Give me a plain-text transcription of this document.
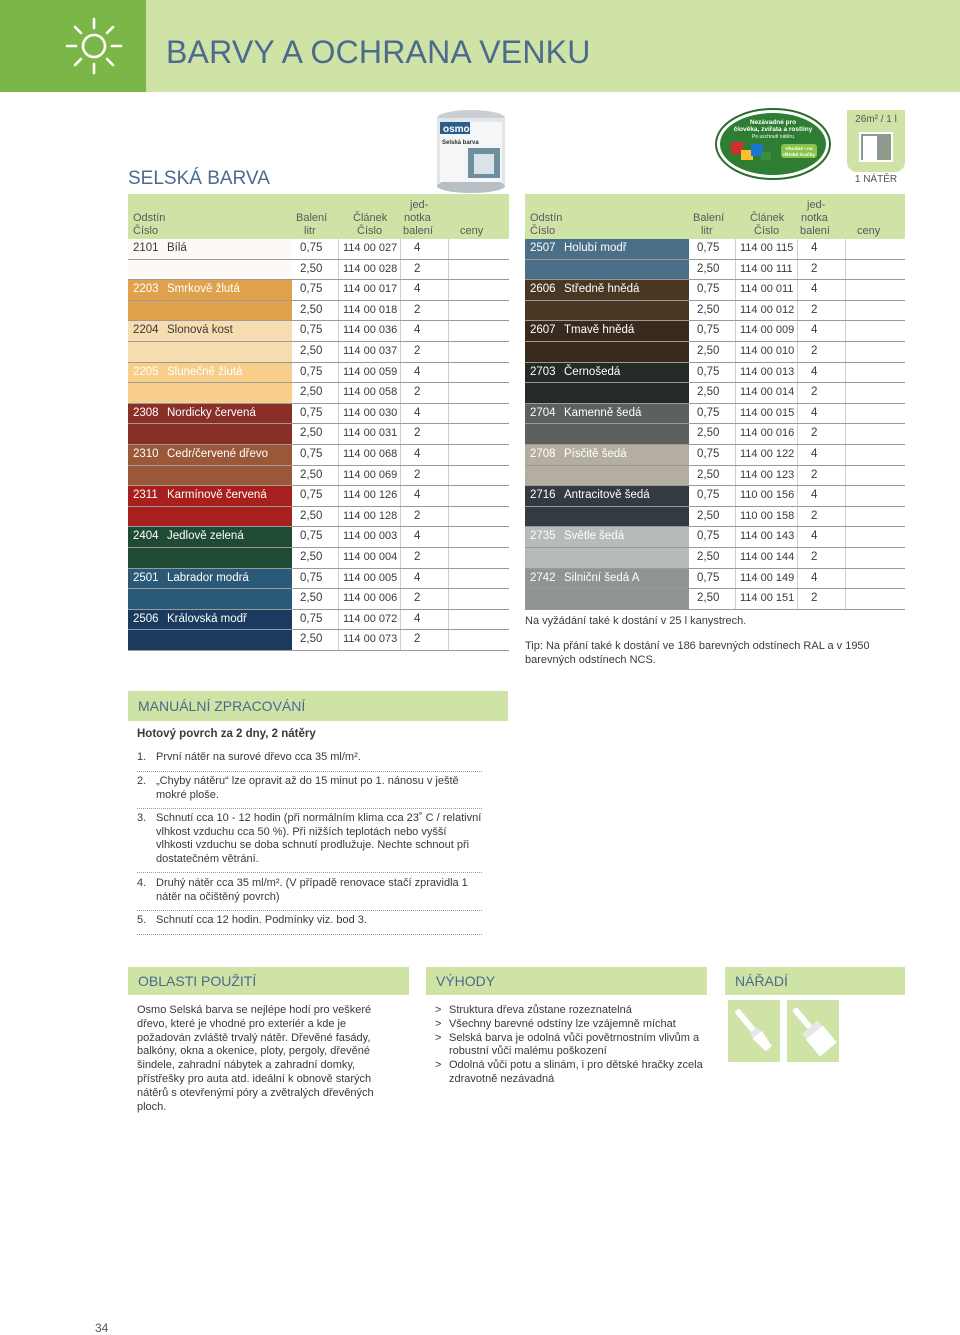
BARVY A OCHRANA VENKU
SELSKÁ BARVA
osmo
Selská barva
Nezávadné pro
člověka, zvířata a rostliny
Po uschnutí nátěru
Vhodné i na
dětské hračky
26m² / 1 l
1 NÁTĚR
Odstín
Číslo
Balení
litr
Článek
Číslo
jed-
notka
balení ceny
2101 Bílá	0,75 114 00 027 4
2,50 114 00 028 2
2203 Smrkově žlutá	0,75 114 00 017 4
2,50 114 00 018 2
2204 Slonová kost	0,75 114 00 036 4
2,50 114 00 037 2
2205 Slunečně žlutá	0,75 114 00 059 4
2,50 114 00 058 2
2308 Nordicky červená	0,75 114 00 030 4
2,50 114 00 031 2
2310 Cedr/červené dřevo	0,75 114 00 068 4
2,50 114 00 069 2
2311 Karmínově červená	0,75 114 00 126 4
2,50 114 00 128 2
2404 Jedlově zelená	0,75 114 00 003 4
2,50 114 00 004 2
2501 Labrador modrá	0,75 114 00 005 4
2,50 114 00 006 2
2506 Královská modř	0,75 114 00 072 4
2,50 114 00 073 2
Odstín
Číslo
Balení
litr
Článek
Číslo
jed-
notka
balení ceny
2507 Holubí modř	0,75 114 00 115 4
2,50 114 00 111 2
2606 Středně hnědá	0,75 114 00 011 4
2,50 114 00 012 2
2607 Tmavě hnědá	0,75 114 00 009 4
2,50 114 00 010 2
2703 Černošedá	0,75 114 00 013 4
2,50 114 00 014 2
2704 Kamenně šedá	0,75 114 00 015 4
2,50 114 00 016 2
2708 Písčitě šedá	0,75 114 00 122 4
2,50 114 00 123 2
2716 Antracitově šedá	0,75 110 00 156 4
2,50 110 00 158 2
2735 Světle šedá	0,75 114 00 143 4
2,50 114 00 144 2
2742 Silniční šedá A	0,75 114 00 149 4
2,50 114 00 151 2
Na vyžádání také k dostání v 25 l kanystrech.
Tip: Na přání také k dostání ve 186 barevných odstínech RAL a v 1950
barevných odstínech NCS.
MANUÁLNÍ ZPRACOVÁNÍ
Hotový povrch za 2 dny, 2 nátěry
1. První nátěr na surové dřevo cca 35 ml/m².
2. „Chyby nátěru“ lze opravit až do 15 minut po 1. nánosu v ještě mokré ploše.
3. Schnutí cca 10 - 12 hodin (při normálním klima cca 23˚ C / relativní vlhkost vzduchu cca 50 %). Při nižších teplotách nebo vyšší vlhkosti vzduchu se doba schnutí prodlužuje. Nechte schnout při dostatečném větrání.
4. Druhý nátěr cca 35 ml/m². (V případě renovace stačí zpravidla 1 nátěr na očištěný povrch)
5. Schnutí cca 12 hodin. Podmínky viz. bod 3.
OBLASTI POUŽITÍ
Osmo Selská barva se nejlépe hodí pro veškeré dřevo, které je vhodné pro exteriér a kde je požadován zvláště trvalý nátěr. Dřevěné fasády, balkóny, okna a okenice, ploty, pergoly, dřevěné šindele, zahradní nábytek a zahradní domky, přístřešky pro auta atd. ideální k obnově starých nátěrů s otevřenými póry a zvětralých dřevěných ploch.
VÝHODY
> Struktura dřeva zůstane rozeznatelná
> Všechny barevné odstíny lze vzájemně míchat
> Selská barva je odolná vůči povětrnostním vlivům a robustní vůči malému poškození
> Odolná vůči potu a slinám, i pro dětské hračky zcela zdravotně nezávadná
NÁŘADÍ
34
